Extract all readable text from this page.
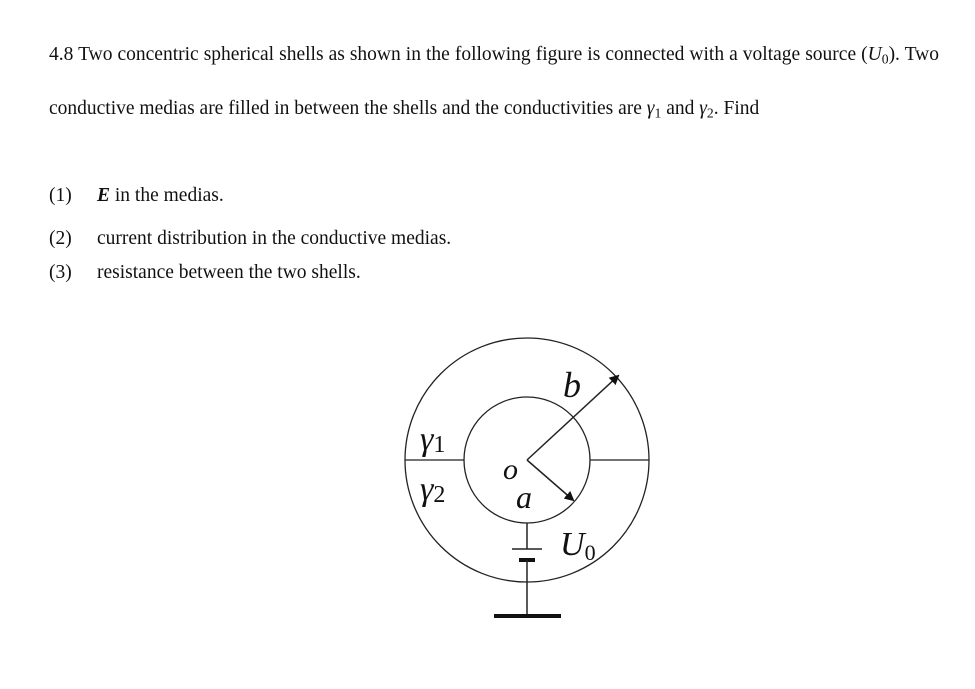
4.8 Two concentric spherical shells as shown in the following figure is connected with a voltage source $(U_0)$. Two conductive medias are filled in between the shells and the conductivities are $\gamma_1$ and $\gamma_2$. Find

(1) E in the medias.
(2) current distribution in the conductive medias.
(3) resistance between the two shells.
b
o
a
γ1
γ2
U0
